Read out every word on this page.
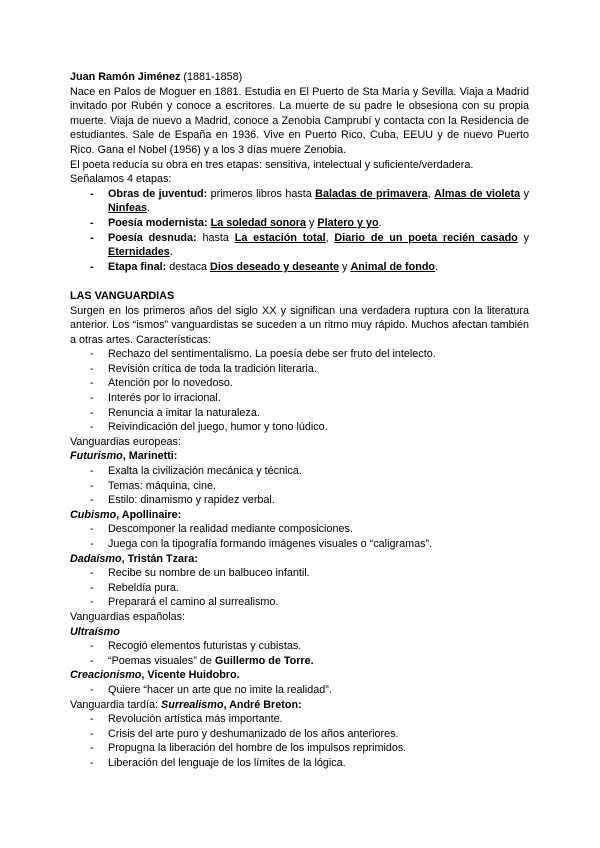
Juan Ramón Jiménez (1881-1858)

Nace en Palos de Moguer en 1881. Estudia en El Puerto de Sta María y Sevilla. Viaja a Madrid invitado por Rubén y conoce a escritores. La muerte de su padre le obsesiona con su propia muerte. Viaja de nuevo a Madrid, conoce a Zenobia Camprubí y contacta con la Residencia de estudiantes. Sale de España en 1936. Vive en Puerto Rico, Cuba, EEUU y de nuevo Puerto Rico. Gana el Nobel (1956) y a los 3 días muere Zenobia.

El poeta reducía su obra en tres etapas: sensitiva, intelectual y suficiente/verdadera.

Señalamos 4 etapas:

- Obras de juventud: primeros libros hasta Baladas de primavera, Almas de violeta y Ninfeas.
- Poesía modernista: La soledad sonora y Platero y yo.
- Poesía desnuda: hasta La estación total, Diario de un poeta recién casado y Eternidades.
- Etapa final: destaca Dios deseado y deseante y Animal de fondo.

LAS VANGUARDIAS

Surgen en los primeros años del siglo XX y significan una verdadera ruptura con la literatura anterior. Los “ismos” vanguardistas se suceden a un ritmo muy rápido. Muchos afectan también a otras artes. Características:

- Rechazo del sentimentalismo. La poesía debe ser fruto del intelecto.
- Revisión crítica de toda la tradición literaria.
- Atención por lo novedoso.
- Interés por lo irracional.
- Renuncia a imitar la naturaleza.
- Reivindicación del juego, humor y tono lúdico.

Vanguardias europeas:

Futurismo, Marinetti:

- Exalta la civilización mecánica y técnica.
- Temas: máquina, cine.
- Estilo: dinamismo y rapidez verbal.

Cubismo, Apollinaire:

- Descomponer la realidad mediante composiciones.
- Juega con la tipografía formando imágenes visuales o “caligramas”.

Dadaísmo, Tristán Tzara:

- Recibe su nombre de un balbuceo infantil.
- Rebeldía pura.
- Preparará el camino al surrealismo.

Vanguardias españolas:

Ultraísmo

- Recogió elementos futuristas y cubistas.
- “Poemas visuales” de Guillermo de Torre.

Creacionismo, Vicente Huidobro.

- Quiere “hacer un arte que no imite la realidad”.

Vanguardia tardía: Surrealismo, André Breton:

- Revolución artística más importante.
- Crisis del arte puro y deshumanizado de los años anteriores.
- Propugna la liberación del hombre de los impulsos reprimidos.
- Liberación del lenguaje de los límites de la lógica.
